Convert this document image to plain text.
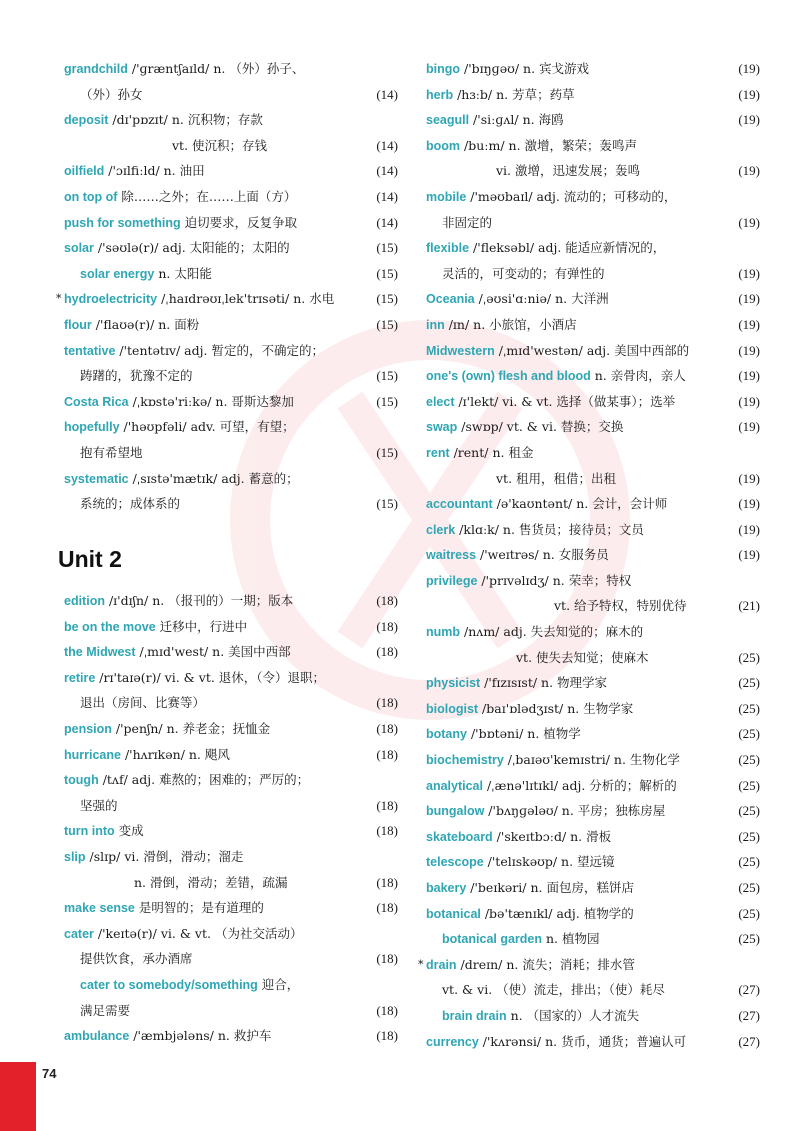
grandchild /'ɡræntʃaɪld/ n. （外）孙子、
（外）孙女	(14)
deposit /dɪ'pɒzɪt/ n. 沉积物；存款
vt. 使沉积；存钱	(14)
oilfield /'ɔɪlfiːld/ n. 油田	(14)
on top of 除……之外；在……上面（方）	(14)
push for something 迫切要求，反复争取	(14)
solar /'səʊlə(r)/ adj. 太阳能的；太阳的	(15)
solar energy n. 太阳能	(15)
* hydroelectricity /ˌhaɪdrəʊɪˌlek'trɪsəti/ n. 水电	(15)
flour /'flaʊə(r)/ n. 面粉	(15)
tentative /'tentətɪv/ adj. 暂定的，不确定的；
踌躇的，犹豫不定的	(15)
Costa Rica /ˌkɒstə'riːkə/ n. 哥斯达黎加	(15)
hopefully /'həʊpfəli/ adv. 可望，有望；
抱有希望地	(15)
systematic /ˌsɪstə'mætɪk/ adj. 蓄意的；
系统的；成体系的	(15)
Unit 2
edition /ɪ'dɪʃn/ n. （报刊的）一期；版本	(18)
be on the move 迁移中，行进中	(18)
the Midwest /ˌmɪd'west/ n. 美国中西部	(18)
retire /rɪ'taɪə(r)/ vi. & vt. 退休，（令）退职；
退出（房间、比赛等）	(18)
pension /'penʃn/ n. 养老金；抚恤金	(18)
hurricane /'hʌrɪkən/ n. 飓风	(18)
tough /tʌf/ adj. 难熬的；困难的；严厉的；
坚强的	(18)
turn into 变成	(18)
slip /slɪp/ vi. 滑倒，滑动；溜走
n. 滑倒，滑动；差错，疏漏	(18)
make sense 是明智的；是有道理的	(18)
cater /'keɪtə(r)/ vi. & vt. （为社交活动）
提供饮食，承办酒席	(18)
cater to somebody/something 迎合，
满足需要	(18)
ambulance /'æmbjələns/ n. 救护车	(18)
bingo /'bɪŋɡəʊ/ n. 宾戈游戏	(19)
herb /hɜːb/ n. 芳草；药草	(19)
seagull /'siːɡʌl/ n. 海鸥	(19)
boom /buːm/ n. 激增，繁荣；轰鸣声
vi. 激增，迅速发展；轰鸣	(19)
mobile /'məʊbaɪl/ adj. 流动的；可移动的，
非固定的	(19)
flexible /'fleksəbl/ adj. 能适应新情况的，
灵活的，可变动的；有弹性的	(19)
Oceania /ˌəʊsi'ɑːniə/ n. 大洋洲	(19)
inn /ɪn/ n. 小旅馆，小酒店	(19)
Midwestern /ˌmɪd'westən/ adj. 美国中西部的	(19)
one's (own) flesh and blood n. 亲骨肉，亲人	(19)
elect /ɪ'lekt/ vi. & vt. 选择（做某事）；选举	(19)
swap /swɒp/ vt. & vi. 替换；交换	(19)
rent /rent/ n. 租金
vt. 租用，租借；出租	(19)
accountant /ə'kaʊntənt/ n. 会计，会计师	(19)
clerk /klɑːk/ n. 售货员；接待员；文员	(19)
waitress /'weɪtrəs/ n. 女服务员	(19)
privilege /'prɪvəlɪdʒ/ n. 荣幸；特权
vt. 给予特权，特别优待	(21)
numb /nʌm/ adj. 失去知觉的；麻木的
vt. 使失去知觉；使麻木	(25)
physicist /'fɪzɪsɪst/ n. 物理学家	(25)
biologist /baɪ'ɒlədʒɪst/ n. 生物学家	(25)
botany /'bɒtəni/ n. 植物学	(25)
biochemistry /ˌbaɪəʊ'kemɪstri/ n. 生物化学	(25)
analytical /ˌænə'lɪtɪkl/ adj. 分析的；解析的	(25)
bungalow /'bʌŋɡələʊ/ n. 平房；独栋房屋	(25)
skateboard /'skeɪtbɔːd/ n. 滑板	(25)
telescope /'telɪskəʊp/ n. 望远镜	(25)
bakery /'beɪkəri/ n. 面包房，糕饼店	(25)
botanical /bə'tænɪkl/ adj. 植物学的	(25)
botanical garden n. 植物园	(25)
* drain /dreɪn/ n. 流失；消耗；排水管
vt. & vi. （使）流走，排出；（使）耗尽	(27)
brain drain n. （国家的）人才流失	(27)
currency /'kʌrənsi/ n. 货币，通货；普遍认可	(27)
74
